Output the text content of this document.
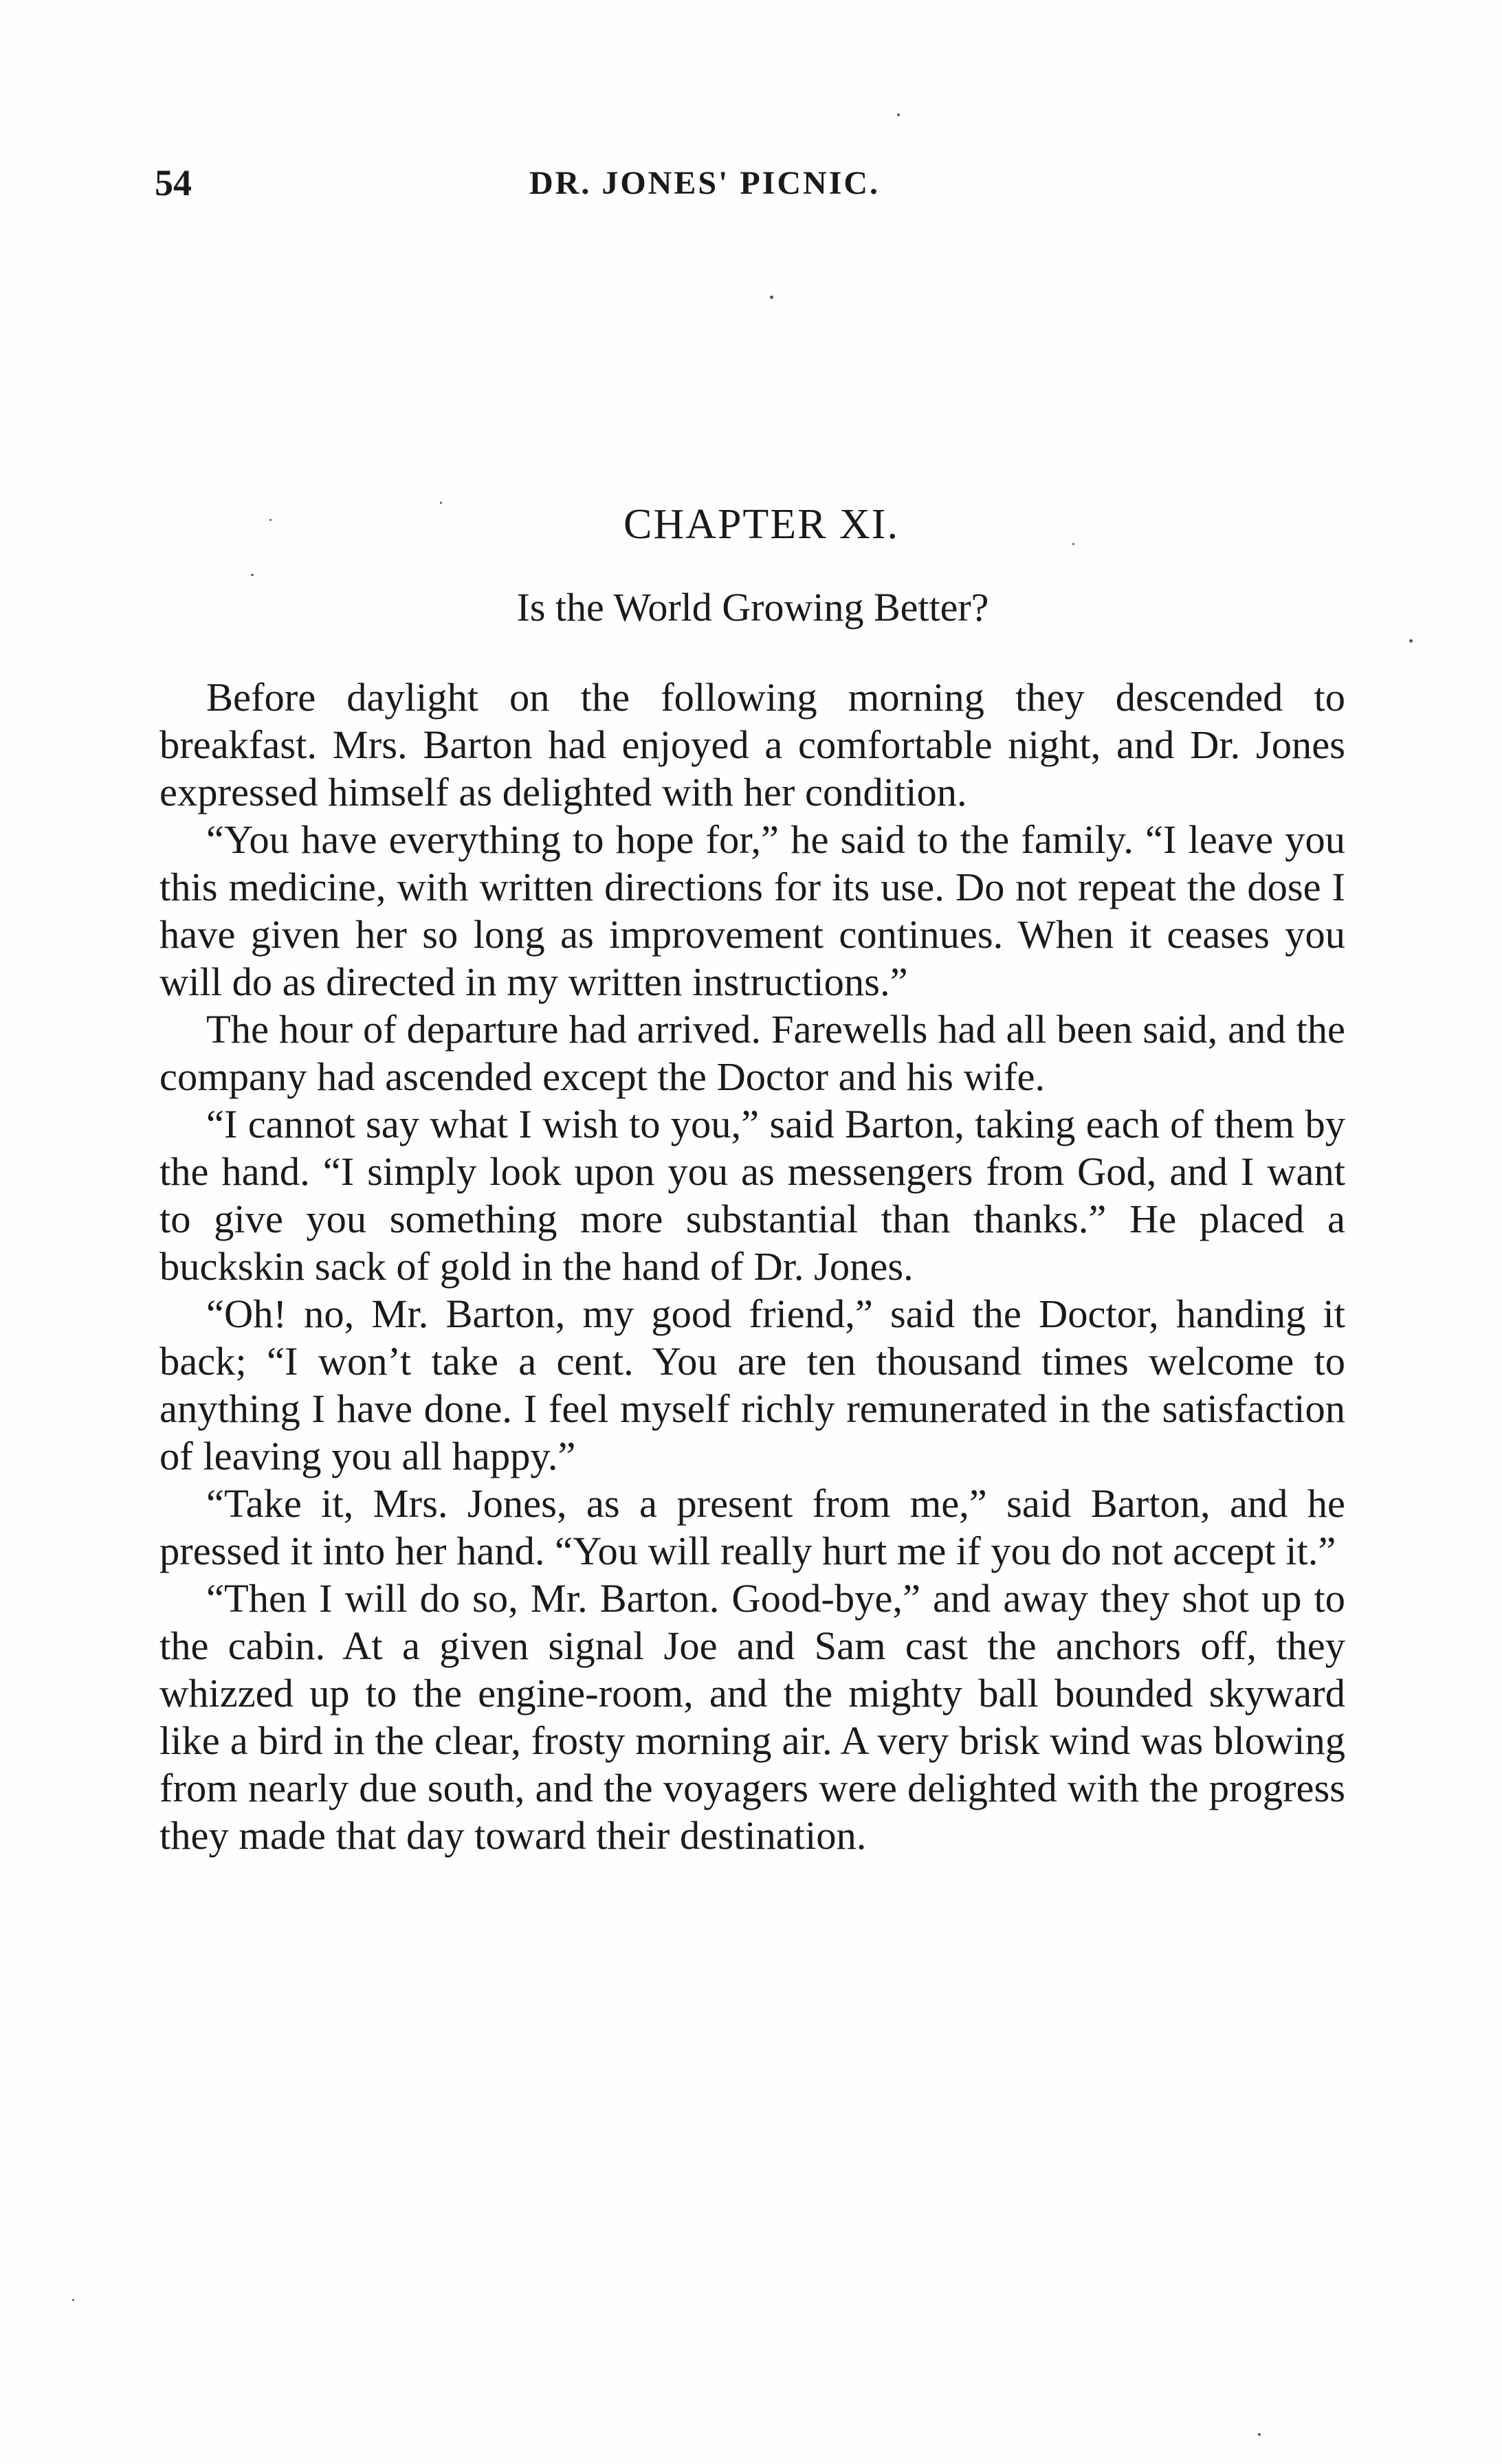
54	DR. JONES' PICNIC.
CHAPTER XI.
Is the World Growing Better?

Before daylight on the following morning they descended to breakfast. Mrs. Barton had enjoyed a comfortable night, and Dr. Jones expressed himself as delighted with her condition.

“You have everything to hope for,” he said to the family. “I leave you this medicine, with written directions for its use. Do not repeat the dose I have given her so long as improvement continues. When it ceases you will do as directed in my written instructions.”

The hour of departure had arrived. Farewells had all been said, and the company had ascended except the Doctor and his wife.

“I cannot say what I wish to you,” said Barton, taking each of them by the hand. “I simply look upon you as messengers from God, and I want to give you something more substantial than thanks.” He placed a buckskin sack of gold in the hand of Dr. Jones.

“Oh! no, Mr. Barton, my good friend,” said the Doctor, handing it back; “I won’t take a cent. You are ten thousand times welcome to anything I have done. I feel myself richly remunerated in the satisfaction of leaving you all happy.”

“Take it, Mrs. Jones, as a present from me,” said Barton, and he pressed it into her hand. “You will really hurt me if you do not accept it.”

“Then I will do so, Mr. Barton. Good-bye,” and away they shot up to the cabin. At a given signal Joe and Sam cast the anchors off, they whizzed up to the engine-room, and the mighty ball bounded skyward like a bird in the clear, frosty morning air. A very brisk wind was blowing from nearly due south, and the voyagers were delighted with the progress they made that day toward their destination.
